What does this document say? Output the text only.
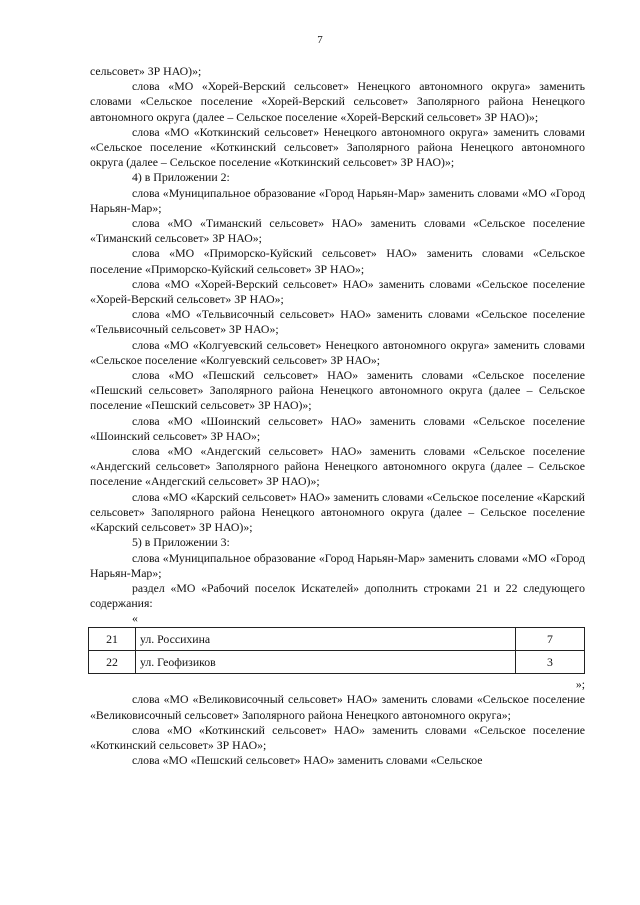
7

сельсовет» ЗР НАО)»;

слова «МО «Хорей-Верский сельсовет» Ненецкого автономного округа» заменить словами «Сельское поселение «Хорей-Верский сельсовет» Заполярного района Ненецкого автономного округа (далее – Сельское поселение «Хорей-Верский сельсовет» ЗР НАО)»;

слова «МО «Коткинский сельсовет» Ненецкого автономного округа» заменить словами «Сельское поселение «Коткинский сельсовет» Заполярного района Ненецкого автономного округа (далее – Сельское поселение «Коткинский сельсовет» ЗР НАО)»;

4) в Приложении 2:

слова «Муниципальное образование «Город Нарьян-Мар» заменить словами «МО «Город Нарьян-Мар»;

слова «МО «Тиманский сельсовет» НАО» заменить словами «Сельское поселение «Тиманский сельсовет» ЗР НАО»;

слова «МО «Приморско-Куйский сельсовет» НАО» заменить словами «Сельское поселение «Приморско-Куйский сельсовет» ЗР НАО»;

слова «МО «Хорей-Верский сельсовет» НАО» заменить словами «Сельское поселение «Хорей-Верский сельсовет» ЗР НАО»;

слова «МО «Тельвисочный сельсовет» НАО» заменить словами «Сельское поселение «Тельвисочный сельсовет» ЗР НАО»;

слова «МО «Колгуевский сельсовет» Ненецкого автономного округа» заменить словами «Сельское поселение «Колгуевский сельсовет» ЗР НАО»;

слова «МО «Пешский сельсовет» НАО» заменить словами «Сельское поселение «Пешский сельсовет» Заполярного района Ненецкого автономного округа (далее – Сельское поселение «Пешский сельсовет» ЗР НАО)»;

слова «МО «Шоинский сельсовет» НАО» заменить словами «Сельское поселение «Шоинский сельсовет» ЗР НАО»;

слова «МО «Андегский сельсовет» НАО» заменить словами «Сельское поселение «Андегский сельсовет» Заполярного района Ненецкого автономного округа (далее – Сельское поселение «Андегский сельсовет» ЗР НАО)»;

слова «МО «Карский сельсовет» НАО» заменить словами «Сельское поселение «Карский сельсовет» Заполярного района Ненецкого автономного округа (далее – Сельское поселение «Карский сельсовет» ЗР НАО)»;

5) в Приложении 3:

слова «Муниципальное образование «Город Нарьян-Мар» заменить словами «МО «Город Нарьян-Мар»;

раздел «МО «Рабочий поселок Искателей» дополнить строками 21 и 22 следующего содержания:

«
21	ул. Россихина	7
22	ул. Геофизиков	3
»;

слова «МО «Великовисочный сельсовет» НАО» заменить словами «Сельское поселение «Великовисочный сельсовет» Заполярного района Ненецкого автономного округа»;

слова «МО «Коткинский сельсовет» НАО» заменить словами «Сельское поселение «Коткинский сельсовет» ЗР НАО»;

слова «МО «Пешский сельсовет» НАО» заменить словами «Сельское
